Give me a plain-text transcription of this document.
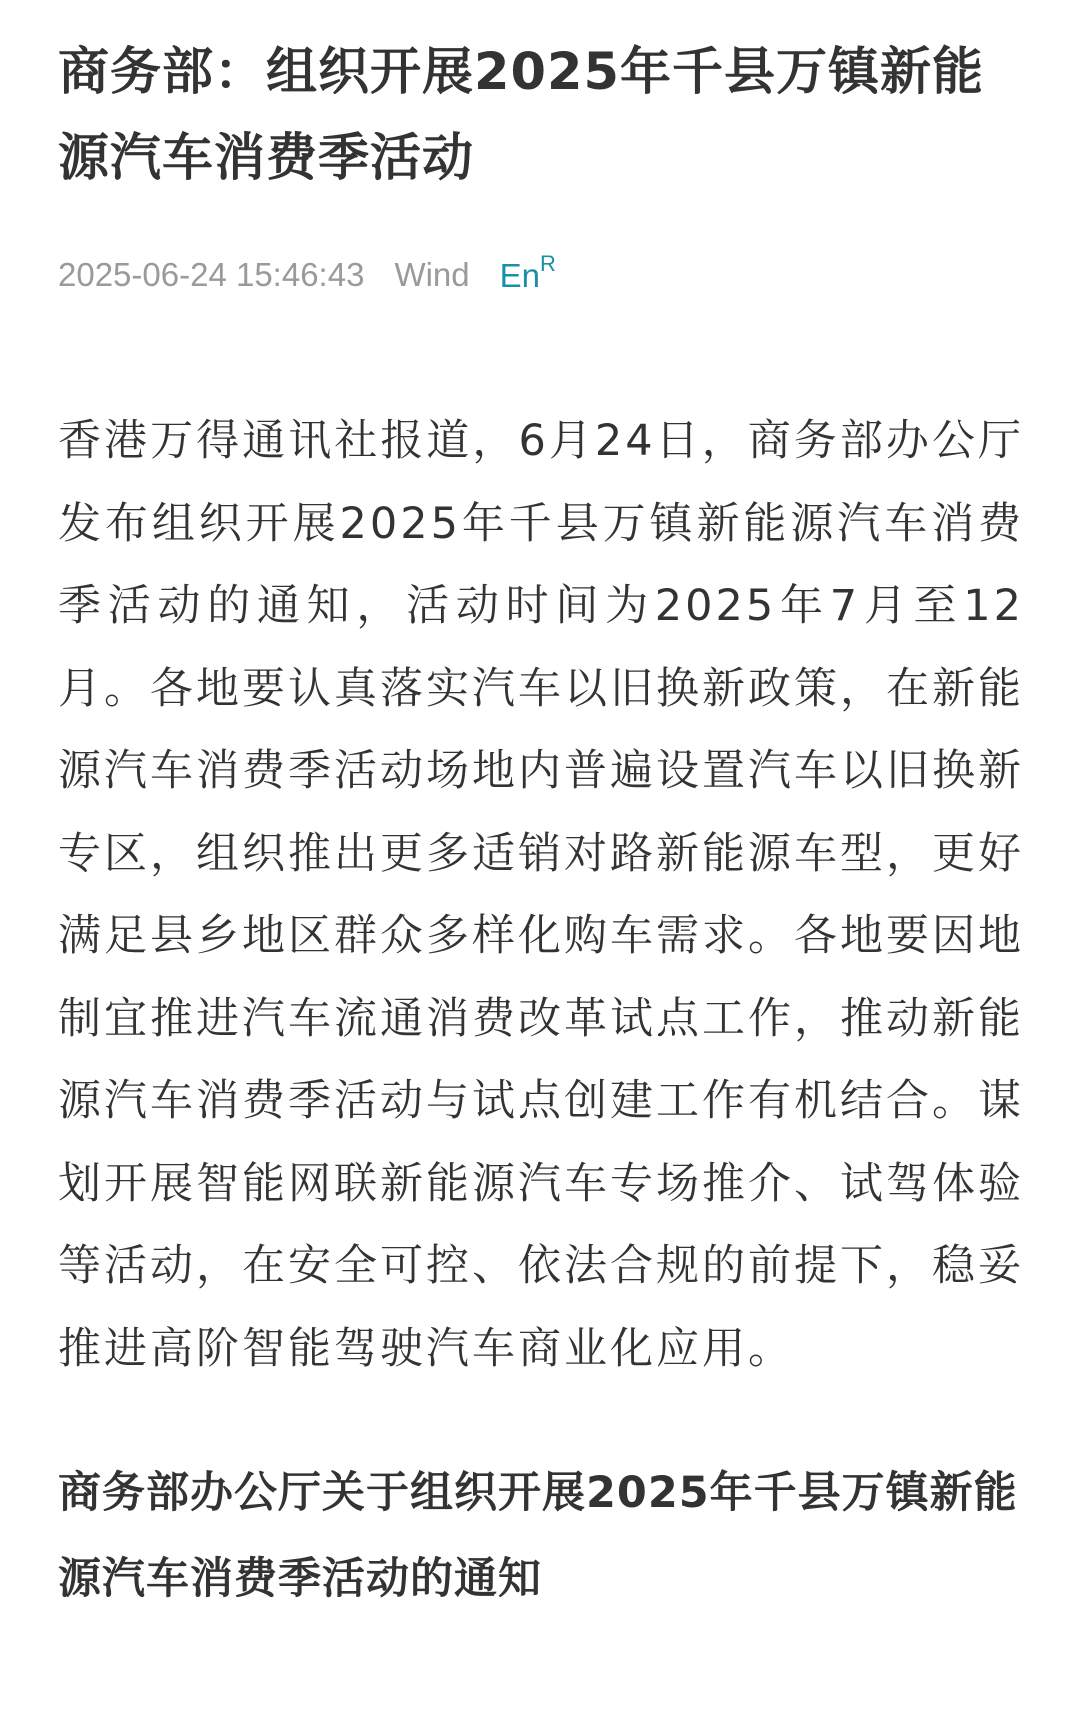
商务部：组织开展2025年千县万镇新能源汽车消费季活动
2025-06-24 15:46:43 Wind $En^R$

香港万得通讯社报道，6月24日，商务部办公厅发布组织开展2025年千县万镇新能源汽车消费季活动的通知，活动时间为2025年7月至12月。各地要认真落实汽车以旧换新政策，在新能源汽车消费季活动场地内普遍设置汽车以旧换新专区，组织推出更多适销对路新能源车型，更好满足县乡地区群众多样化购车需求。各地要因地制宜推进汽车流通消费改革试点工作，推动新能源汽车消费季活动与试点创建工作有机结合。谋划开展智能网联新能源汽车专场推介、试驾体验等活动，在安全可控、依法合规的前提下，稳妥推进高阶智能驾驶汽车商业化应用。

商务部办公厅关于组织开展2025年千县万镇新能源汽车消费季活动的通知
